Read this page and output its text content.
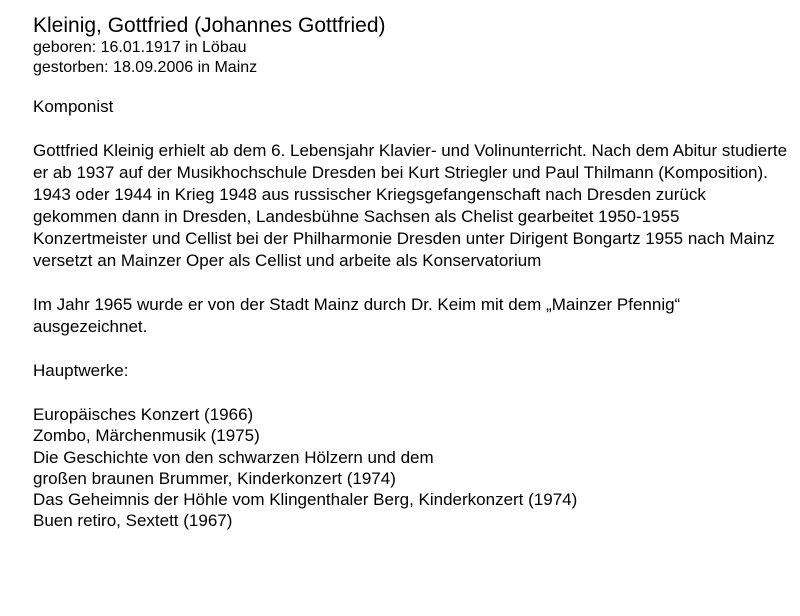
Kleinig, Gottfried (Johannes Gottfried)

geboren: 16.01.1917 in Löbau

gestorben: 18.09.2006 in Mainz

Komponist

Gottfried Kleinig erhielt ab dem 6. Lebensjahr Klavier- und Volinunterricht. Nach dem Abitur studierte er ab 1937 auf der Musikhochschule Dresden bei Kurt Striegler und Paul Thilmann (Komposition). 1943 oder 1944 in Krieg 1948 aus russischer Kriegsgefangenschaft nach Dresden zurück gekommen dann in Dresden, Landesbühne Sachsen als Chelist gearbeitet 1950-1955 Konzertmeister und Cellist bei der Philharmonie Dresden unter Dirigent Bongartz 1955 nach Mainz versetzt an Mainzer Oper als Cellist und arbeite als Konservatorium

Im Jahr 1965 wurde er von der Stadt Mainz durch Dr. Keim mit dem „Mainzer Pfennig“ ausgezeichnet.

Hauptwerke:

Europäisches Konzert (1966)
Zombo, Märchenmusik (1975)
Die Geschichte von den schwarzen Hölzern und dem
großen braunen Brummer, Kinderkonzert (1974)
Das Geheimnis der Höhle vom Klingenthaler Berg, Kinderkonzert (1974)
Buen retiro, Sextett (1967)
